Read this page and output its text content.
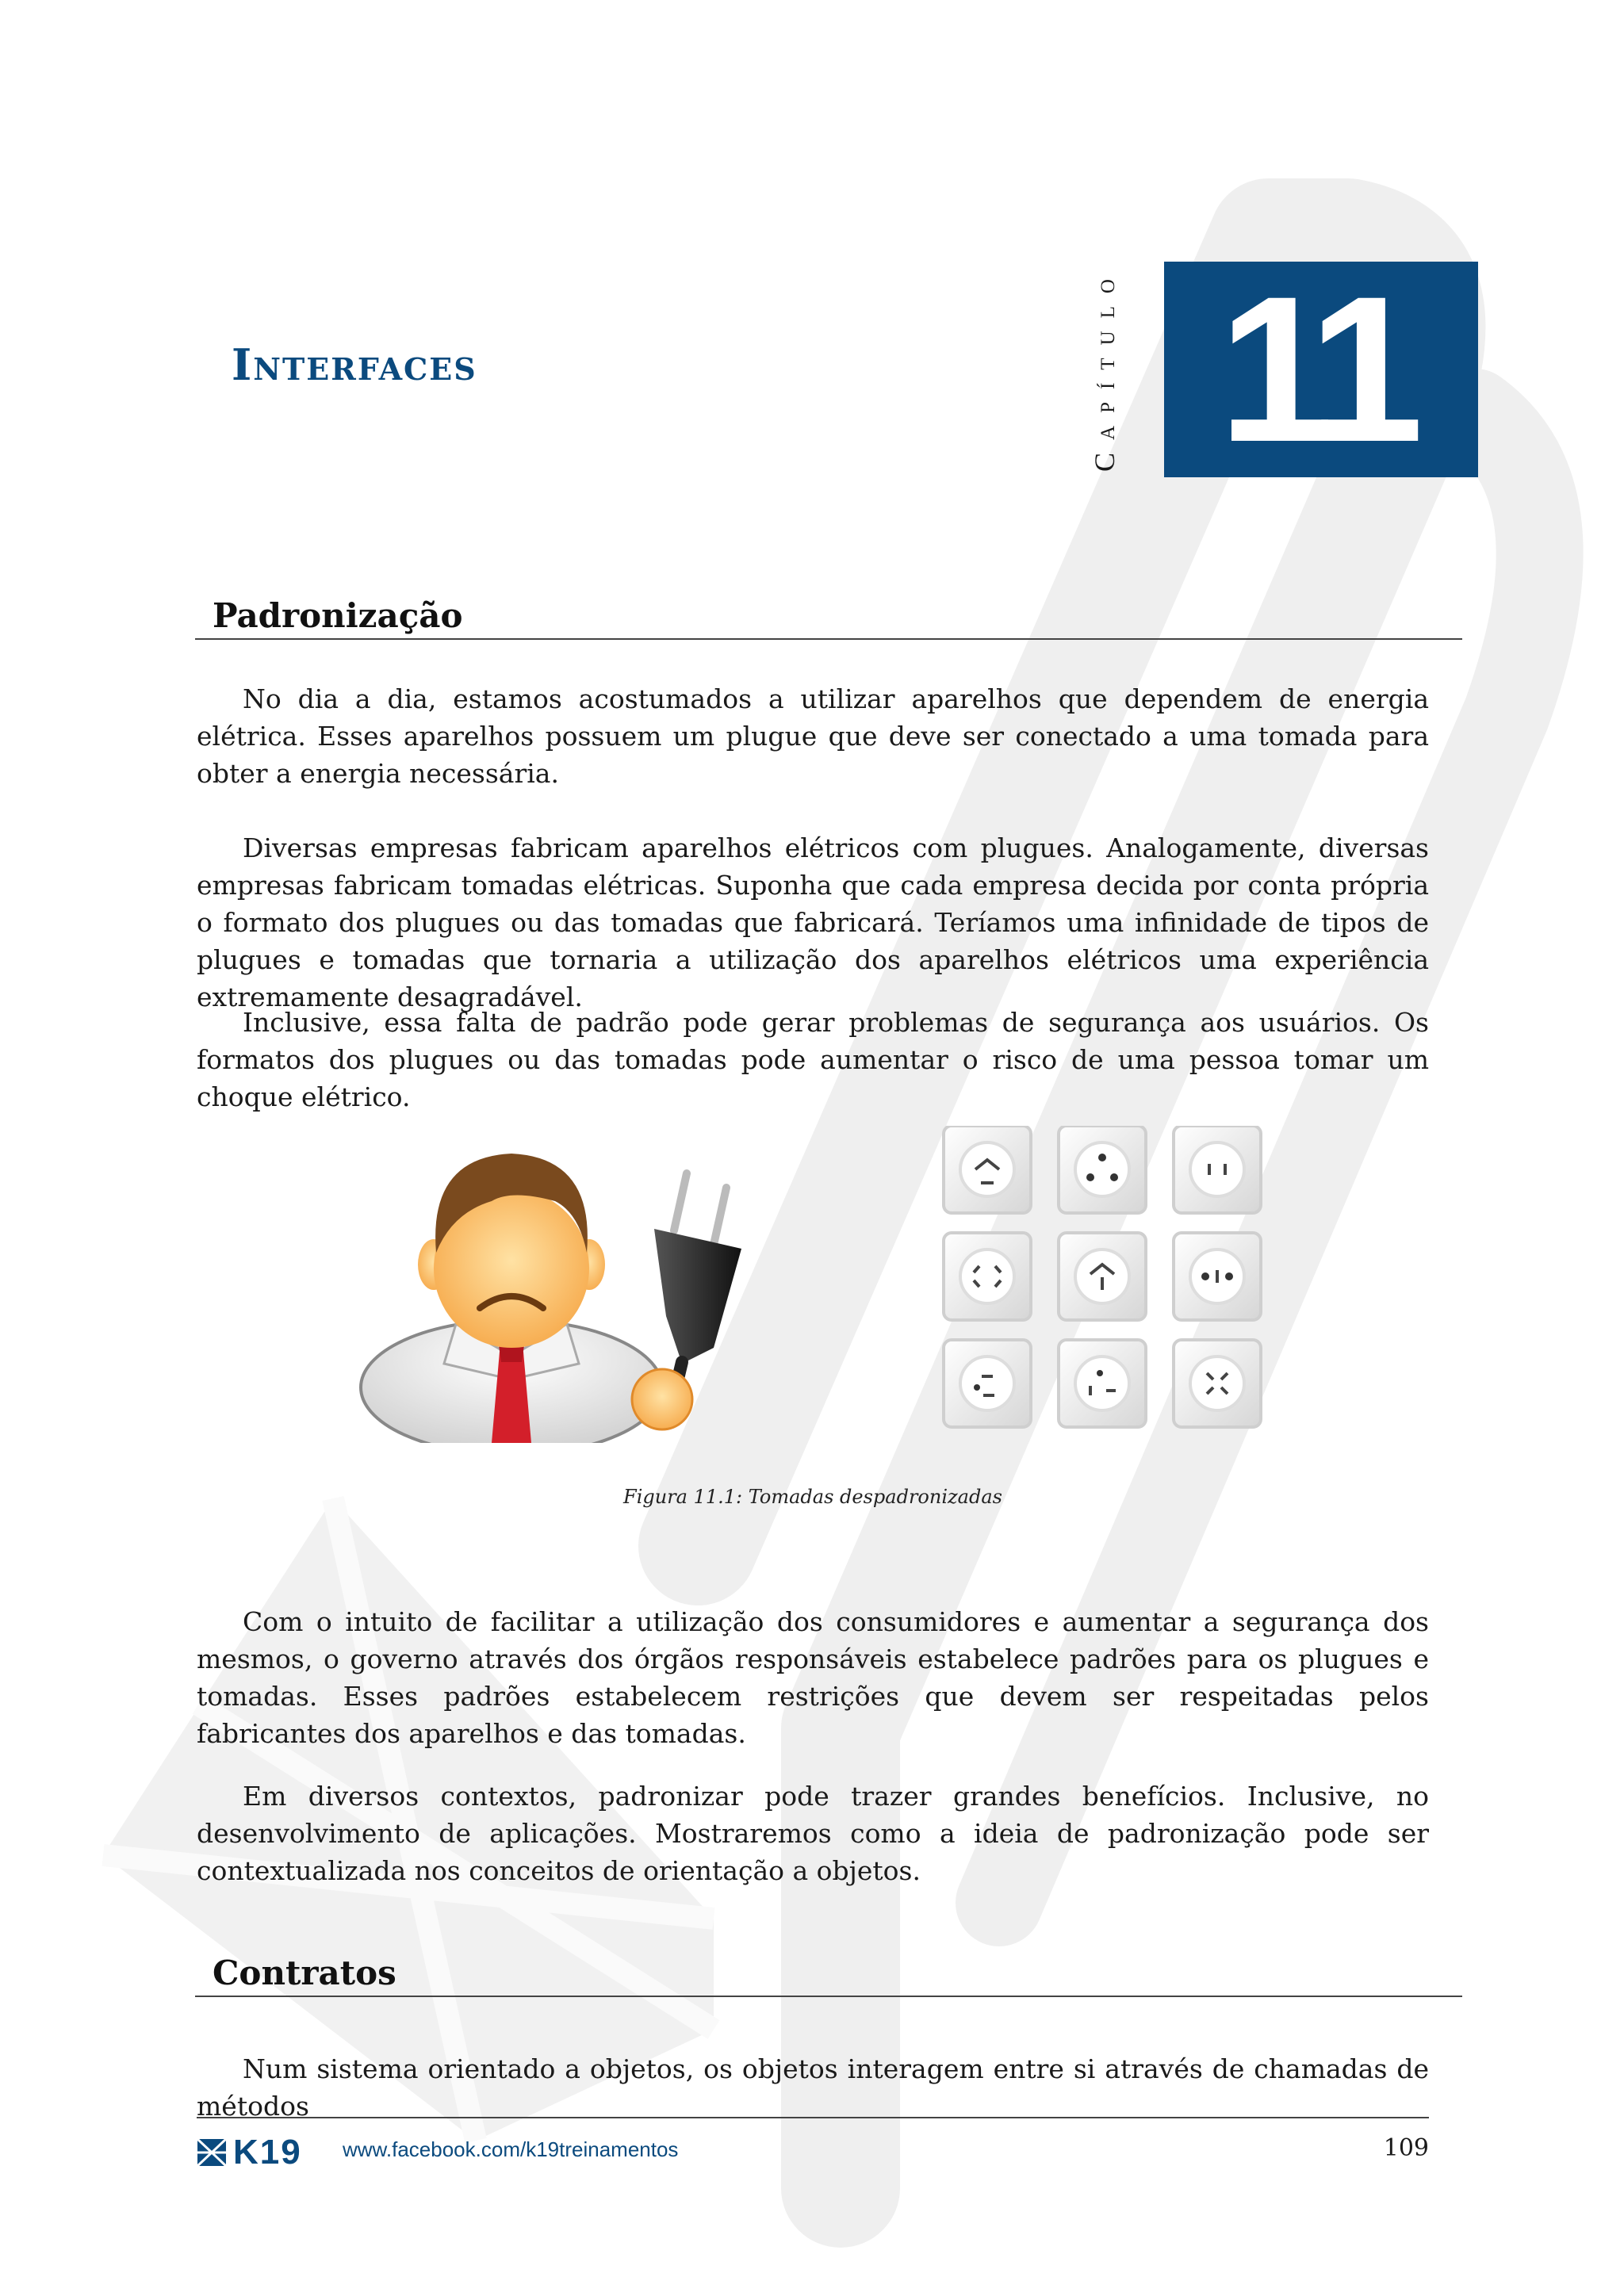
Interfaces	Capítulo 11
Padronização

No dia a dia, estamos acostumados a utilizar aparelhos que dependem de energia elétrica. Esses aparelhos possuem um plugue que deve ser conectado a uma tomada para obter a energia necessária.

Diversas empresas fabricam aparelhos elétricos com plugues. Analogamente, diversas empresas fabricam tomadas elétricas. Suponha que cada empresa decida por conta própria o formato dos plugues ou das tomadas que fabricará. Teríamos uma infinidade de tipos de plugues e tomadas que tornaria a utilização dos aparelhos elétricos uma experiência extremamente desagradável.

Inclusive, essa falta de padrão pode gerar problemas de segurança aos usuários. Os formatos dos plugues ou das tomadas pode aumentar o risco de uma pessoa tomar um choque elétrico.

Figura 11.1: Tomadas despadronizadas

Com o intuito de facilitar a utilização dos consumidores e aumentar a segurança dos mesmos, o governo através dos órgãos responsáveis estabelece padrões para os plugues e tomadas. Esses padrões estabelecem restrições que devem ser respeitadas pelos fabricantes dos aparelhos e das tomadas.

Em diversos contextos, padronizar pode trazer grandes benefícios. Inclusive, no desenvolvimento de aplicações. Mostraremos como a ideia de padronização pode ser contextualizada nos conceitos de orientação a objetos.

Contratos

Num sistema orientado a objetos, os objetos interagem entre si através de chamadas de métodos

K19 www.facebook.com/k19treinamentos	109
